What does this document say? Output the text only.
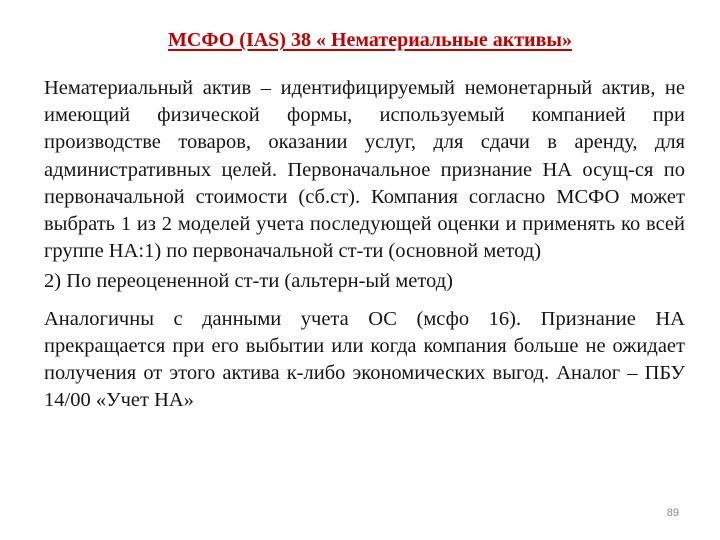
МСФО (IAS) 38 « Нематериальные активы»

Нематериальный актив – идентифицируемый немонетарный актив, не имеющий физической формы, используемый компанией при производстве товаров, оказании услуг, для сдачи в аренду, для административных целей. Первоначальное признание НА осущ-ся по первоначальной стоимости (сб.ст). Компания согласно МСФО может выбрать 1 из 2 моделей учета последующей оценки и применять ко всей группе НА:1) по первоначальной ст-ти (основной метод)

2) По переоцененной ст-ти (альтерн-ый метод)

Аналогичны с данными учета ОС (мсфо 16). Признание НА прекращается при его выбытии или когда компания больше не ожидает получения от этого актива к-либо экономических выгод. Аналог – ПБУ 14/00 «Учет НА»

89
